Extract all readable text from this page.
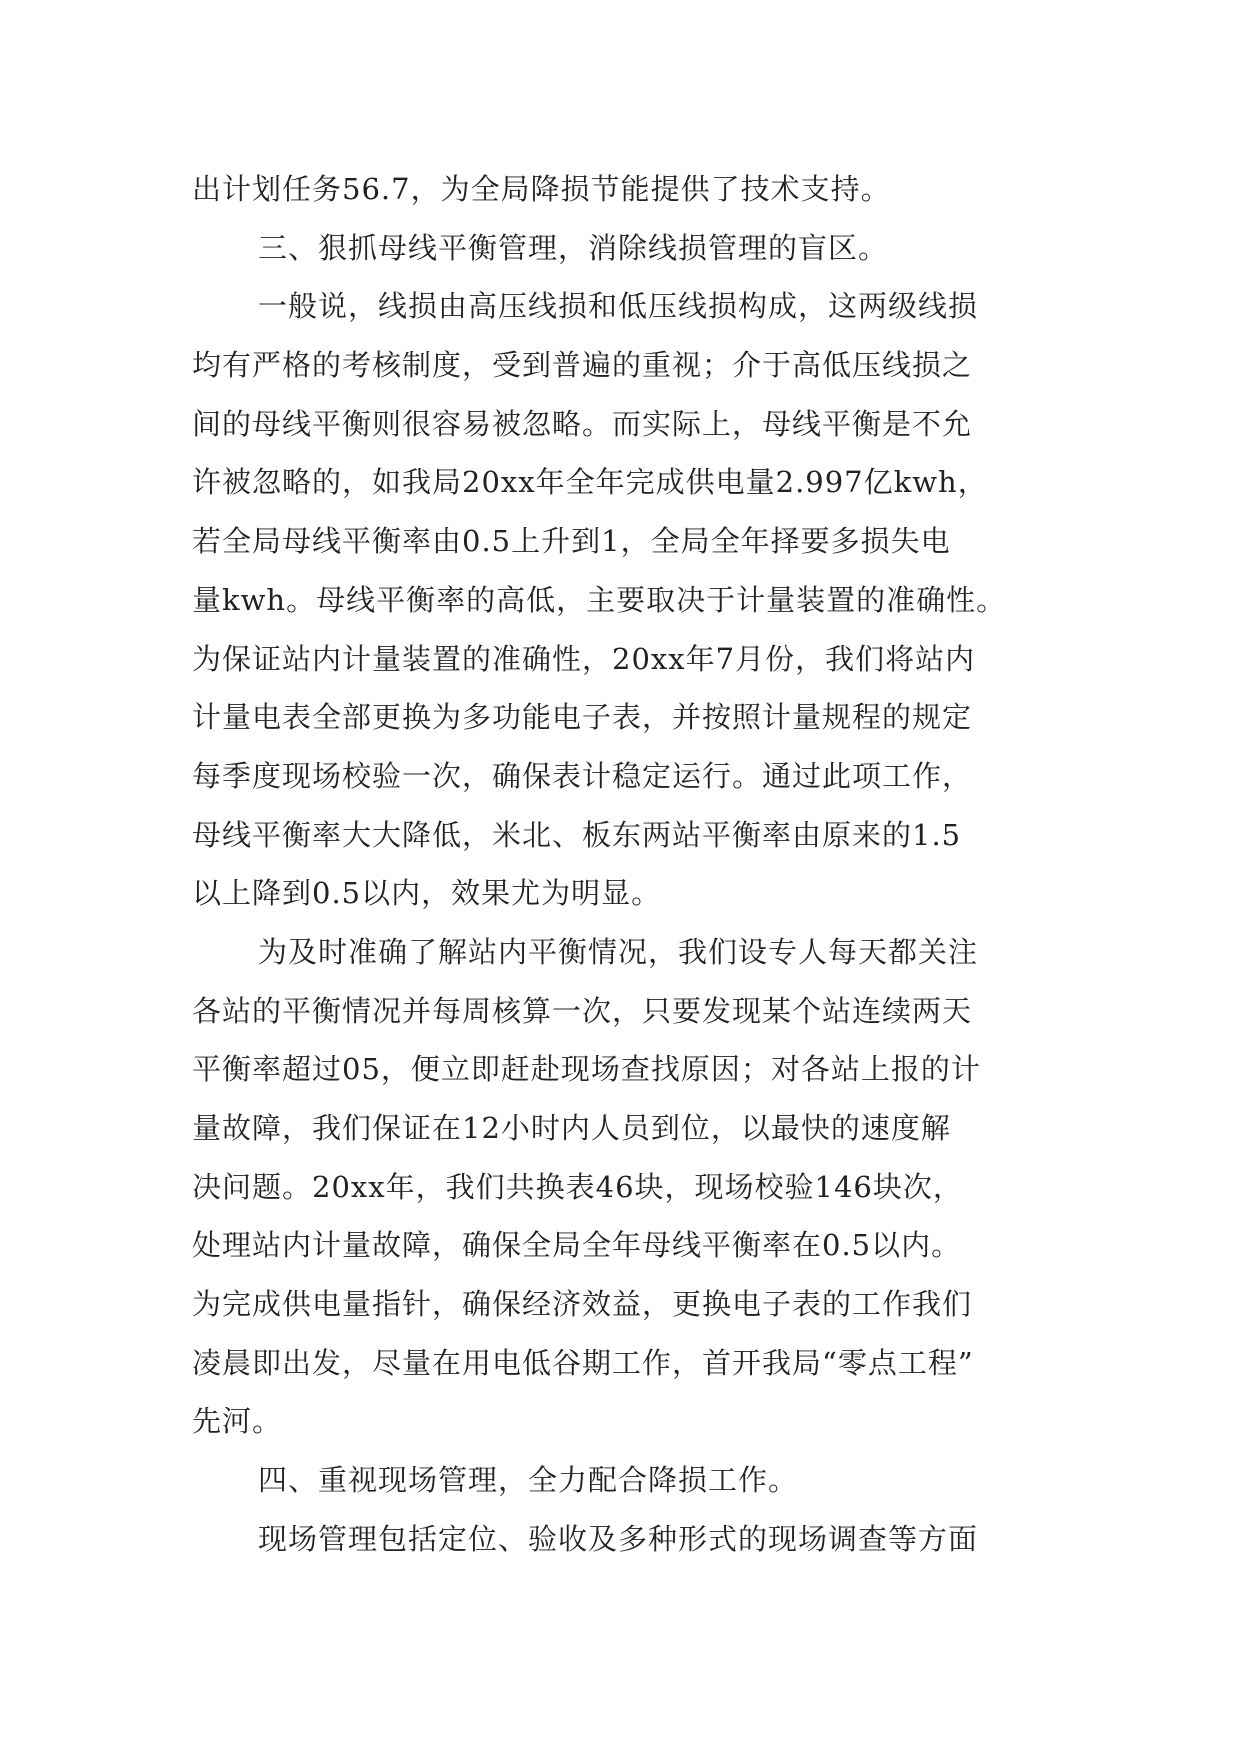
出计划任务56.7，为全局降损节能提供了技术支持。
三、狠抓母线平衡管理，消除线损管理的盲区。
一般说，线损由高压线损和低压线损构成，这两级线损
均有严格的考核制度，受到普遍的重视；介于高低压线损之
间的母线平衡则很容易被忽略。而实际上，母线平衡是不允
许被忽略的，如我局20xx年全年完成供电量2.997亿kwh，
若全局母线平衡率由0.5上升到1，全局全年择要多损失电
量kwh。母线平衡率的高低，主要取决于计量装置的准确性。
为保证站内计量装置的准确性，20xx年7月份，我们将站内
计量电表全部更换为多功能电子表，并按照计量规程的规定
每季度现场校验一次，确保表计稳定运行。通过此项工作，
母线平衡率大大降低，米北、板东两站平衡率由原来的1.5
以上降到0.5以内，效果尤为明显。
为及时准确了解站内平衡情况，我们设专人每天都关注
各站的平衡情况并每周核算一次，只要发现某个站连续两天
平衡率超过05，便立即赶赴现场查找原因；对各站上报的计
量故障，我们保证在12小时内人员到位，以最快的速度解
决问题。20xx年，我们共换表46块，现场校验146块次，
处理站内计量故障，确保全局全年母线平衡率在0.5以内。
为完成供电量指针，确保经济效益，更换电子表的工作我们
凌晨即出发，尽量在用电低谷期工作，首开我局“零点工程”
先河。
四、重视现场管理，全力配合降损工作。
现场管理包括定位、验收及多种形式的现场调查等方面
